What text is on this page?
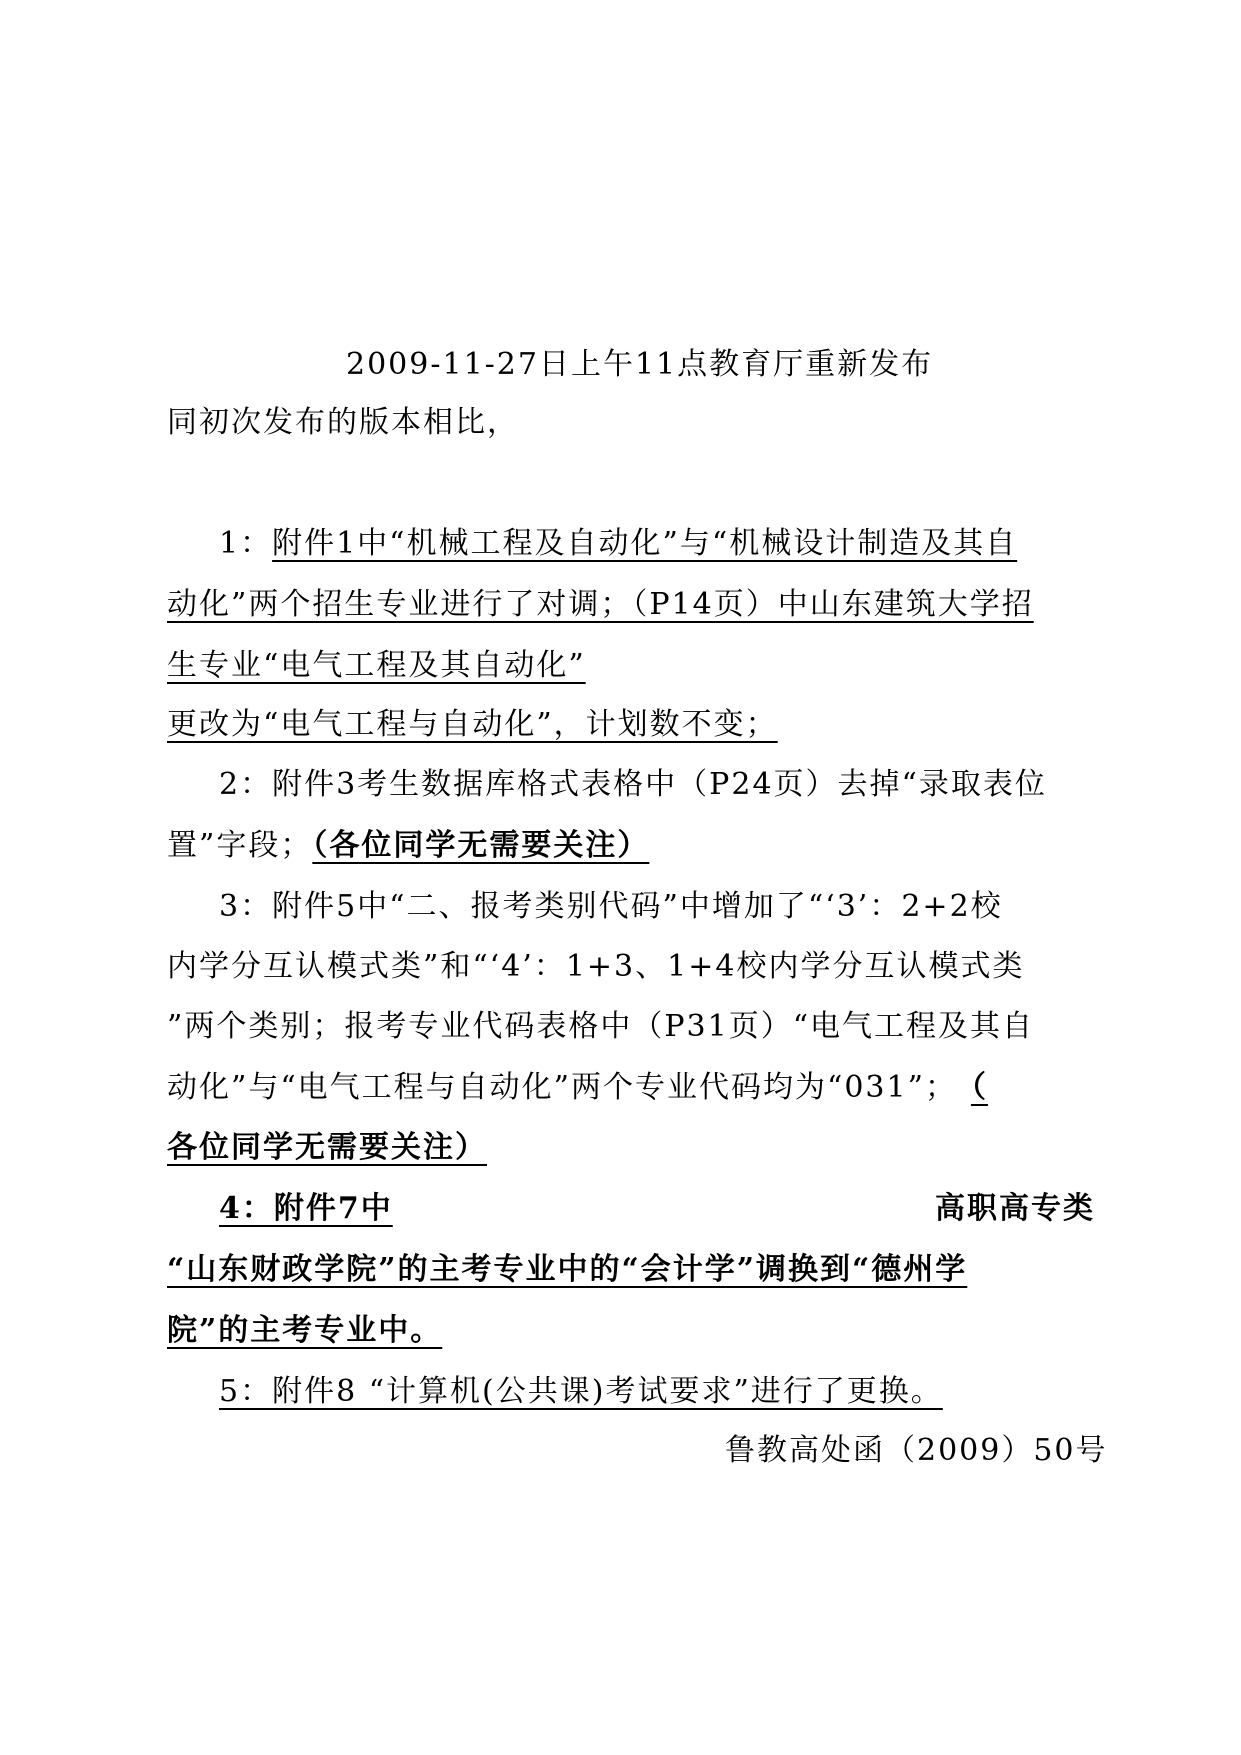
2009-11-27日上午11点教育厅重新发布
同初次发布的版本相比，
1：附件1中“机械工程及自动化”与“机械设计制造及其自
动化”两个招生专业进行了对调；（P14页）中山东建筑大学招
生专业“电气工程及其自动化”
更改为“电气工程与自动化”，计划数不变；
2：附件3考生数据库格式表格中（P24页）去掉“录取表位
置”字段；（各位同学无需要关注）
3：附件5中“二、报考类别代码”中增加了“‘3’：2+2校
内学分互认模式类”和“‘4’：1+3、1+4校内学分互认模式类
”两个类别；报考专业代码表格中（P31页）“电气工程及其自
动化”与“电气工程与自动化”两个专业代码均为“031”； （
各位同学无需要关注）
4：附件7中	高职高专类
“山东财政学院”的主考专业中的“会计学”调换到“德州学
院”的主考专业中。
5：附件8 “计算机(公共课)考试要求”进行了更换。
鲁教高处函（2009）50号
